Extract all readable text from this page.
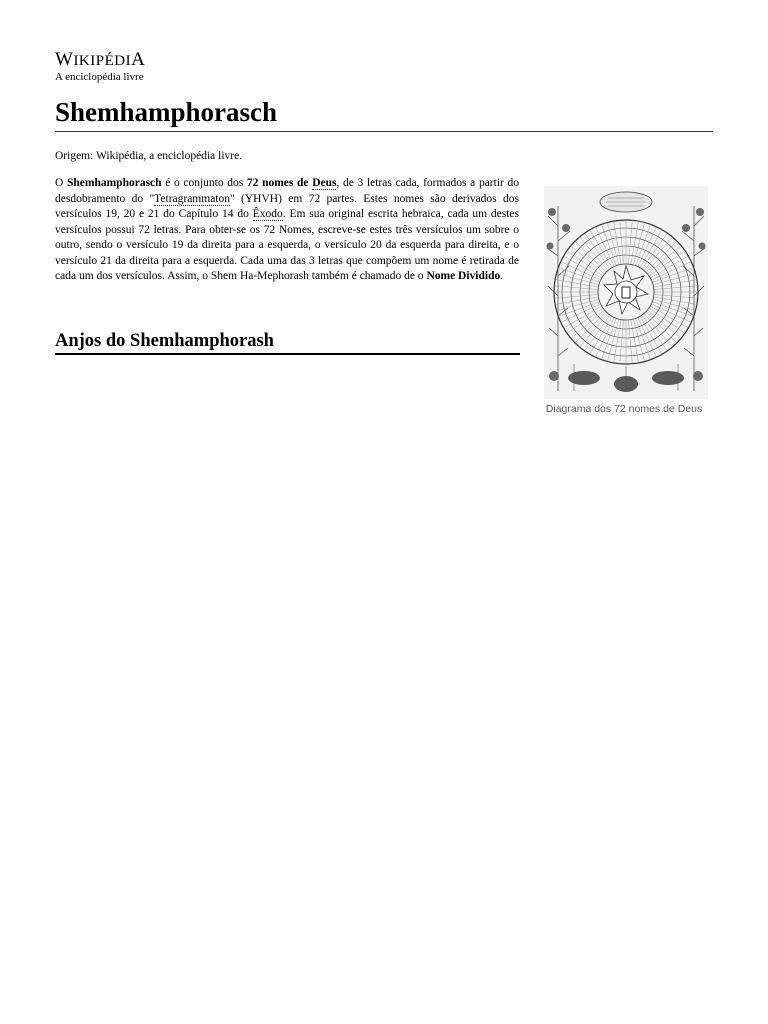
WIKIPÉDIA
A enciclopédia livre
Shemhamphorasch
Origem: Wikipédia, a enciclopédia livre.

O Shemhamphorasch é o conjunto dos 72 nomes de Deus, de 3 letras cada, formados a partir do desdobramento do "Tetragrammaton" (YHVH) em 72 partes. Estes nomes são derivados dos versículos 19, 20 e 21 do Capítulo 14 do Êxodo. Em sua original escrita hebraica, cada um destes versículos possui 72 letras. Para obter-se os 72 Nomes, escreve-se estes três versículos um sobre o outro, sendo o versículo 19 da direita para a esquerda, o versículo 20 da esquerda para direita, e o versículo 21 da direita para a esquerda. Cada uma das 3 letras que compõem um nome é retirada de cada um dos versículos. Assim, o Shem Ha-Mephorash também é chamado de o Nome Dividido.

Anjos do Shemhamphorash
Diagrama dos 72 nomes de Deus
